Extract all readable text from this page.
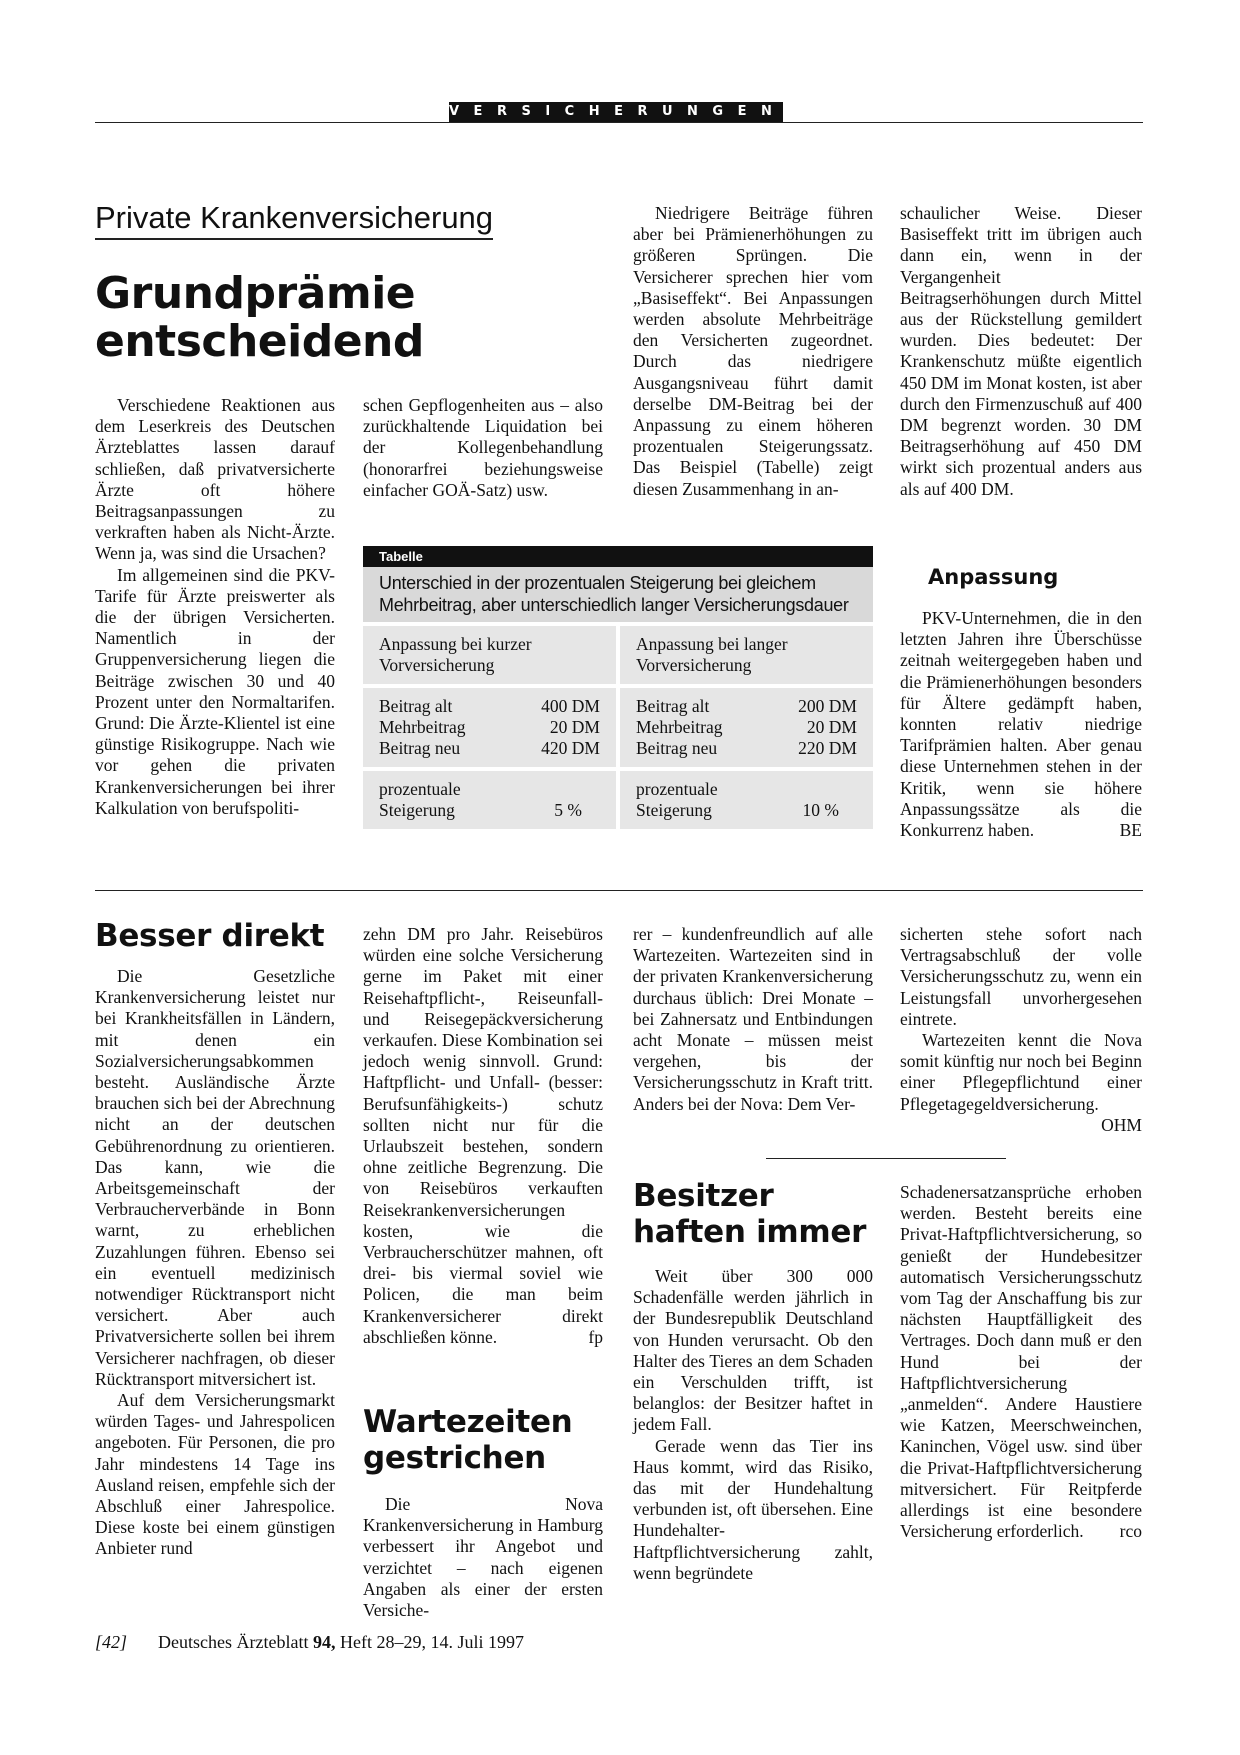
VERSICHERUNGEN
Private Krankenversicherung
Grundprämie
entscheidend

Verschiedene Reaktionen aus dem Leserkreis des Deutschen Ärzteblattes lassen darauf schließen, daß privatversicherte Ärzte oft höhere Beitragsanpassungen zu verkraften haben als Nicht-Ärzte. Wenn ja, was sind die Ursachen?

Im allgemeinen sind die PKV-Tarife für Ärzte preiswerter als die der übrigen Versicherten. Namentlich in der Gruppenversicherung liegen die Beiträge zwischen 30 und 40 Prozent unter den Normaltarifen. Grund: Die Ärzte-Klientel ist eine günstige Risikogruppe. Nach wie vor gehen die privaten Krankenversicherungen bei ihrer Kalkulation von berufspoliti-

schen Gepflogenheiten aus – also zurückhaltende Liquidation bei der Kollegenbehandlung (honorarfrei beziehungsweise einfacher GOÄ-Satz) usw.

Niedrigere Beiträge führen aber bei Prämienerhöhungen zu größeren Sprüngen. Die Versicherer sprechen hier vom „Basiseffekt“. Bei Anpassungen werden absolute Mehrbeiträge den Versicherten zugeordnet. Durch das niedrigere Ausgangsniveau führt damit derselbe DM-Beitrag bei der Anpassung zu einem höheren prozentualen Steigerungssatz. Das Beispiel (Tabelle) zeigt diesen Zusammenhang in an-

schaulicher Weise. Dieser Basiseffekt tritt im übrigen auch dann ein, wenn in der Vergangenheit Beitragserhöhungen durch Mittel aus der Rückstellung gemildert wurden. Dies bedeutet: Der Krankenschutz müßte eigentlich 450 DM im Monat kosten, ist aber durch den Firmenzuschuß auf 400 DM begrenzt worden. 30 DM Beitragserhöhung auf 450 DM wirkt sich prozentual anders aus als auf 400 DM.

Anpassung

PKV-Unternehmen, die in den letzten Jahren ihre Überschüsse zeitnah weitergegeben haben und die Prämienerhöhungen besonders für Ältere gedämpft haben, konnten relativ niedrige Tarifprämien halten. Aber genau diese Unternehmen stehen in der Kritik, wenn sie höhere Anpassungssätze als die Konkurrenz haben.	BE

Tabelle
Unterschied in der prozentualen Steigerung bei gleichem Mehrbeitrag, aber unterschiedlich langer Versicherungsdauer
Anpassung bei kurzer Vorversicherung
Anpassung bei langer Vorversicherung
Beitrag alt	400 DM
Mehrbeitrag	20 DM
Beitrag neu	420 DM
Beitrag alt	200 DM
Mehrbeitrag	20 DM
Beitrag neu	220 DM
prozentuale
Steigerung	5 %
prozentuale
Steigerung	10 %
Besser direkt

Die Gesetzliche Krankenversicherung leistet nur bei Krankheitsfällen in Ländern, mit denen ein Sozialversicherungsabkommen besteht. Ausländische Ärzte brauchen sich bei der Abrechnung nicht an der deutschen Gebührenordnung zu orientieren. Das kann, wie die Arbeitsgemeinschaft der Verbraucherverbände in Bonn warnt, zu erheblichen Zuzahlungen führen. Ebenso sei ein eventuell medizinisch notwendiger Rücktransport nicht versichert. Aber auch Privatversicherte sollen bei ihrem Versicherer nachfragen, ob dieser Rücktransport mitversichert ist.

Auf dem Versicherungsmarkt würden Tages- und Jahrespolicen angeboten. Für Personen, die pro Jahr mindestens 14 Tage ins Ausland reisen, empfehle sich der Abschluß einer Jahrespolice. Diese koste bei einem günstigen Anbieter rund

zehn DM pro Jahr. Reisebüros würden eine solche Versicherung gerne im Paket mit einer Reisehaftpflicht-, Reiseunfall- und Reisegepäckversicherung verkaufen. Diese Kombination sei jedoch wenig sinnvoll. Grund: Haftpflicht- und Unfall- (besser: Berufsunfähigkeits-) schutz sollten nicht nur für die Urlaubszeit bestehen, sondern ohne zeitliche Begrenzung. Die von Reisebüros verkauften Reisekrankenversicherungen kosten, wie die Verbraucherschützer mahnen, oft drei- bis viermal soviel wie Policen, die man beim Krankenversicherer direkt abschließen könne.	fp

Wartezeiten
gestrichen

Die Nova Krankenversicherung in Hamburg verbessert ihr Angebot und verzichtet – nach eigenen Angaben als einer der ersten Versiche-

rer – kundenfreundlich auf alle Wartezeiten. Wartezeiten sind in der privaten Krankenversicherung durchaus üblich: Drei Monate – bei Zahnersatz und Entbindungen acht Monate – müssen meist vergehen, bis der Versicherungsschutz in Kraft tritt. Anders bei der Nova: Dem Ver-

sicherten stehe sofort nach Vertragsabschluß der volle Versicherungsschutz zu, wenn ein Leistungsfall unvorhergesehen eintrete.

Wartezeiten kennt die Nova somit künftig nur noch bei Beginn einer Pflegepflichtund einer Pflegetagegeldversicherung.
OHM

Besitzer
haften immer

Weit über 300 000 Schadenfälle werden jährlich in der Bundesrepublik Deutschland von Hunden verursacht. Ob den Halter des Tieres an dem Schaden ein Verschulden trifft, ist belanglos: der Besitzer haftet in jedem Fall.

Gerade wenn das Tier ins Haus kommt, wird das Risiko, das mit der Hundehaltung verbunden ist, oft übersehen. Eine Hundehalter-Haftpflichtversicherung zahlt, wenn begründete

Schadenersatzansprüche erhoben werden. Besteht bereits eine Privat-Haftpflichtversicherung, so genießt der Hundebesitzer automatisch Versicherungsschutz vom Tag der Anschaffung bis zur nächsten Hauptfälligkeit des Vertrages. Doch dann muß er den Hund bei der Haftpflichtversicherung „anmelden“. Andere Haustiere wie Katzen, Meerschweinchen, Kaninchen, Vögel usw. sind über die Privat-Haftpflichtversicherung mitversichert. Für Reitpferde allerdings ist eine besondere Versicherung erforderlich. rco

[42] Deutsches Ärzteblatt 94, Heft 28–29, 14. Juli 1997
